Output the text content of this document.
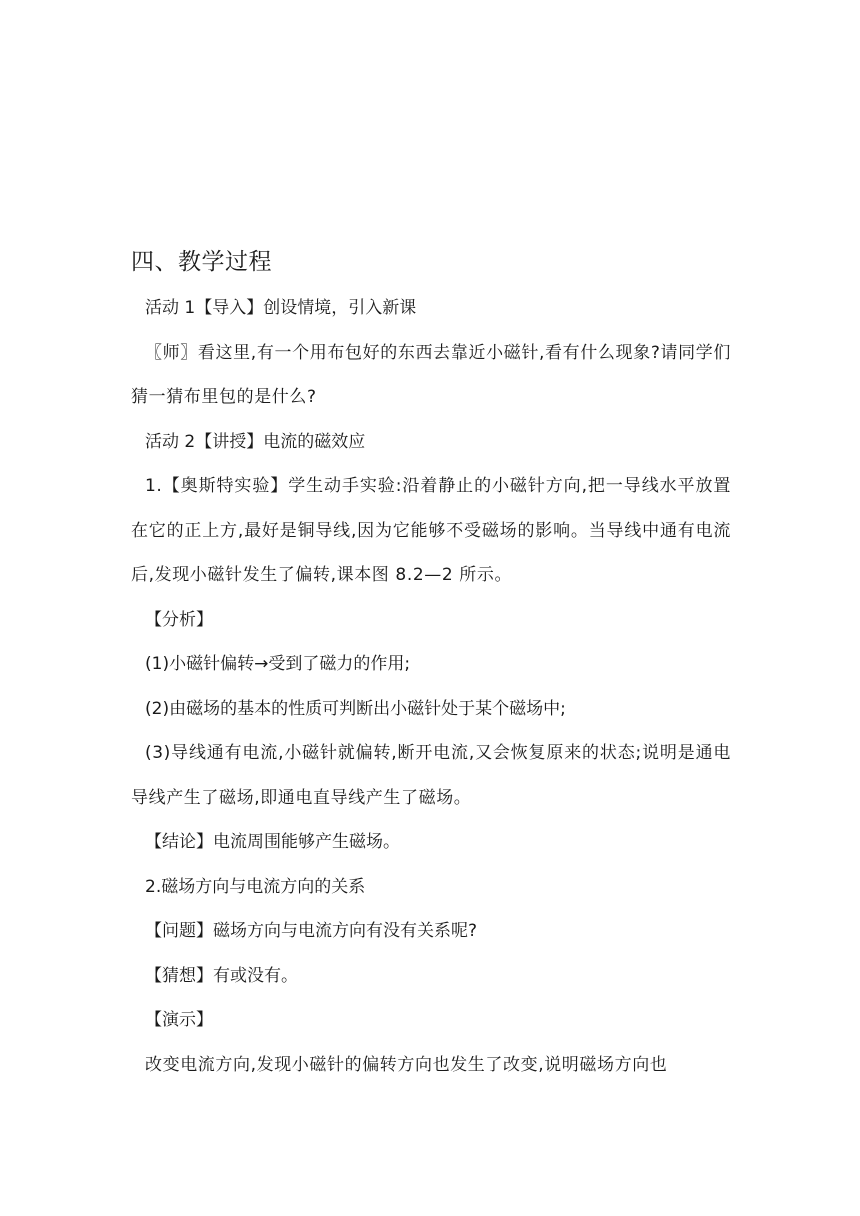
四、教学过程

活动 1【导入】创设情境，引入新课

〖师〗看这里,有一个用布包好的东西去靠近小磁针,看有什么现象?请同学们猜一猜布里包的是什么?

活动 2【讲授】电流的磁效应

1.【奥斯特实验】学生动手实验:沿着静止的小磁针方向,把一导线水平放置在它的正上方,最好是铜导线,因为它能够不受磁场的影响。当导线中通有电流后,发现小磁针发生了偏转,课本图 8.2—2 所示。

【分析】

(1)小磁针偏转→受到了磁力的作用;

(2)由磁场的基本的性质可判断出小磁针处于某个磁场中;

(3)导线通有电流,小磁针就偏转,断开电流,又会恢复原来的状态;说明是通电导线产生了磁场,即通电直导线产生了磁场。

【结论】电流周围能够产生磁场。

2.磁场方向与电流方向的关系

【问题】磁场方向与电流方向有没有关系呢?

【猜想】有或没有。

【演示】

改变电流方向,发现小磁针的偏转方向也发生了改变,说明磁场方向也
